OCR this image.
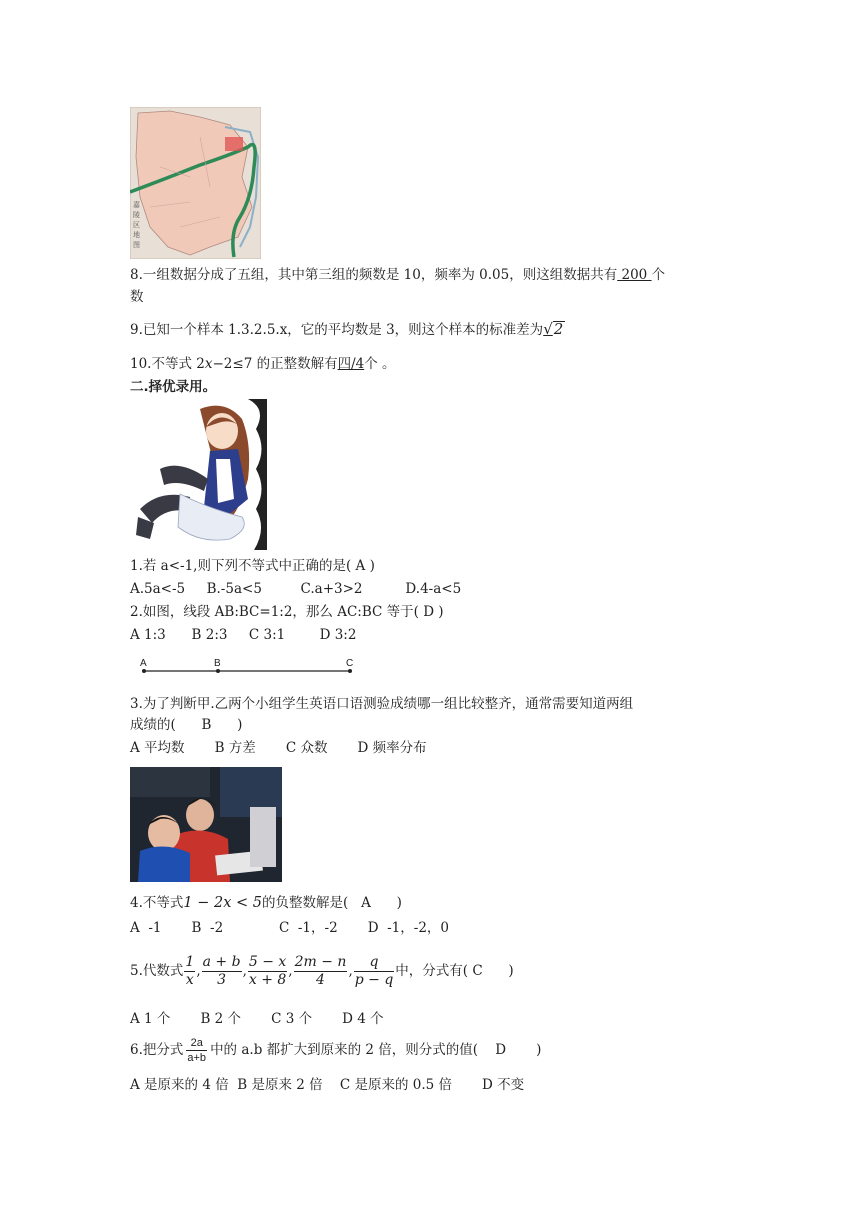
嘉
陵
区
地
图
8.一组数据分成了五组，其中第三组的频数是 10，频率为 0.05，则这组数据共有 200 个
数
9.已知一个样本 1.3.2.5.x，它的平均数是 3，则这个样本的标准差为√2
10.不等式 2x−2≤7 的正整数解有四/4个 。
二.择优录用。
1.若 a<-1,则下列不等式中正确的是( A )
A.5a<-5     B.-5a<5         C.a+3>2          D.4-a<5
2.如图，线段 AB:BC=1:2，那么 AC:BC 等于( D )
A 1:3      B 2:3     C 3:1        D 3:2
A	B	C
3.为了判断甲.乙两个小组学生英语口语测验成绩哪一组比较整齐，通常需要知道两组
成绩的(      B      )
A 平均数       B 方差       C 众数       D 频率分布
4.不等式1 − 2x < 5的负整数解是(   A      )
A  -1       B  -2             C  -1，-2       D  -1，-2，0
5.代数式 $\frac{1}{x}$ , $\frac{a + b}{3}$ , $\frac{5 - x}{x + 8}$ , $\frac{2m - n}{4}$ , $\frac{q}{p - q}$ 中，分式有( C      )
A 1 个       B 2 个       C 3 个       D 4 个
6.把分式 $\frac{2a}{a+b}$ 中的 a.b 都扩大到原来的 2 倍，则分式的值(    D       )
A 是原来的 4 倍  B 是原来 2 倍    C 是原来的 0.5 倍       D 不变
